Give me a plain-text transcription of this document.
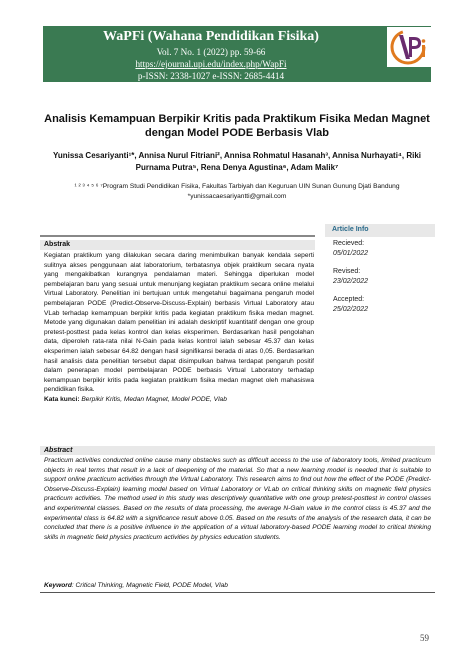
WaPFi (Wahana Pendidikan Fisika)
Vol. 7 No. 1 (2022) pp. 59-66
https://ejournal.upi.edu/index.php/WapFi
p-ISSN: 2338-1027 e-ISSN: 2685-4414
Analisis Kemampuan Berpikir Kritis pada Praktikum Fisika Medan Magnet dengan Model PODE Berbasis Vlab
Yunissa Cesariyanti¹*, Annisa Nurul Fitriani², Annisa Rohmatul Hasanah³, Annisa Nurhayati⁴, Riki Purnama Putra⁵, Rena Denya Agustina⁶, Adam Malik⁷
¹ ² ³ ⁴ ⁵ ⁶ ⁷Program Studi Pendidikan Fisika, Fakultas Tarbiyah dan Keguruan UIN Sunan Gunung Djati Bandung
*yunissacaesariyantti@gmail.com
Article Info
Recieved:
05/01/2022
Revised:
23/02/2022
Accepted:
25/02/2022
Abstrak
Kegiatan praktikum yang dilakukan secara daring menimbulkan banyak kendala seperti sulitnya akses penggunaan alat laboratorium, terbatasnya objek praktikum secara nyata yang mengakibatkan kurangnya pendalaman materi. Sehingga diperlukan model pembelajaran baru yang sesuai untuk menunjang kegiatan praktikum secara online melalui Virtual Laboratory. Penelitian ini bertujuan untuk mengetahui bagaimana pengaruh model pembelajaran PODE (Predict-Observe-Discuss-Explain) berbasis Virtual Laboratory atau VLab terhadap kemampuan berpikir kritis pada kegiatan praktikum fisika medan magnet. Metode yang digunakan dalam penelitian ini adalah deskriptif kuantitatif dengan one group pretest-posttest pada kelas kontrol dan kelas eksperimen. Berdasarkan hasil pengolahan data, diperoleh rata-rata nilai N-Gain pada kelas kontrol ialah sebesar 45.37 dan kelas eksperimen ialah sebesar 64.82 dengan hasil signifikansi beradа di atas 0,05. Berdasarkan hasil analisis data penelitian tersebut dapat disimpulkan bahwa terdapat pengaruh positif dalam penerapan model pembelajaran PODE berbasis Virtual Laboratory terhadap kemampuan berpikir kritis pada kegiatan praktikum fisika medan magnet oleh mahasiswa pendidikan fisika.
Kata kunci: Berpikir Kritis, Medan Magnet, Model PODE, Vlab
Abstract
Practicum activities conducted online cause many obstacles such as difficult access to the use of laboratory tools, limited practicum objects in real terms that result in a lack of deepening of the material. So that a new learning model is needed that is suitable to support online practicum activities through the Virtual Laboratory. This research aims to find out how the effect of the PODE (Predict-Observe-Discuss-Explain) learning model based on Virtual Laboratory or VLab on critical thinking skills on magnetic field physics practicum activities. The method used in this study was descriptively quantitative with one group pretest-posttest in control classes and experimental classes. Based on the results of data processing, the average N-Gain value in the control class is 45.37 and the experimental class is 64.82 with a significance result above 0.05. Based on the results of the analysis of the research data, it can be concluded that there is a positive influence in the application of a virtual laboratory-based PODE learning model to critical thinking skills in magnetic field physics practicum activities by physics education students.
Keyword: Critical Thinking, Magnetic Field, PODE Model, Vlab
59
